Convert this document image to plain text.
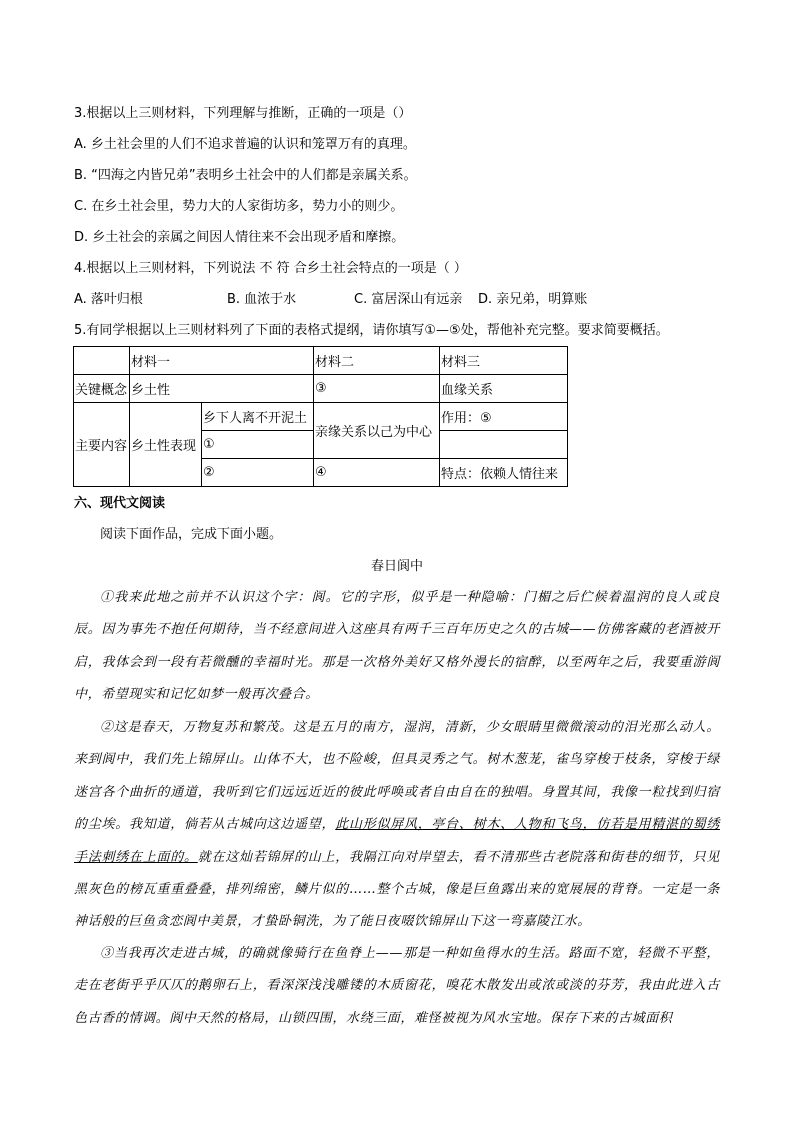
3.根据以上三则材料，下列理解与推断，正确的一项是（）
A. 乡土社会里的人们不追求普遍的认识和笼罩万有的真理。
B. “四海之内皆兄弟”表明乡土社会中的人们都是亲属关系。
C. 在乡土社会里，势力大的人家街坊多，势力小的则少。
D. 乡土社会的亲属之间因人情往来不会出现矛盾和摩擦。
4.根据以上三则材料，下列说法 不 符 合乡土社会特点的一项是（ ）
A. 落叶归根	B. 血浓于水	C. 富居深山有远亲 D. 亲兄弟，明算账
5.有同学根据以上三则材料列了下面的表格式提纲，请你填写①—⑤处，帮他补充完整。要求简要概括。
	材料一		材料二	材料三
关键概念	乡土性		③	血缘关系
主要内容	乡土性表现	乡下人离不开泥土	亲缘关系以己为中心	作用：⑤
		①		
		②	④	特点：依赖人情往来
六、现代文阅读
阅读下面作品，完成下面小题。
春日阆中
①我来此地之前并不认识这个字：阆。它的字形，似乎是一种隐喻：门楣之后伫候着温润的良人或良辰。因为事先不抱任何期待，当不经意间进入这座具有两千三百年历史之久的古城——仿佛客藏的老酒被开启，我体会到一段有若微醺的幸福时光。那是一次格外美好又格外漫长的宿醉，以至两年之后，我要重游阆中，希望现实和记忆如梦一般再次叠合。
②这是春天，万物复苏和繁茂。这是五月的南方，湿润，清新，少女眼睛里微微滚动的泪光那么动人。来到阆中，我们先上锦屏山。山体不大，也不险峻，但具灵秀之气。树木葱茏，雀鸟穿梭于枝条，穿梭于绿迷宫各个曲折的通道，我听到它们远远近近的彼此呼唤或者自由自在的独唱。身置其间，我像一粒找到归宿的尘埃。我知道，倘若从古城向这边遥望，此山形似屏风，亭台、树木、人物和飞鸟，仿若是用精湛的蜀绣手法刺绣在上面的。就在这灿若锦屏的山上，我隔江向对岸望去，看不清那些古老院落和街巷的细节，只见黑灰色的榜瓦重重叠叠，排列绵密，鳞片似的……整个古城，像是巨鱼露出来的宽展展的背脊。一定是一条神话般的巨鱼贪恋阆中美景，才蛰卧铜洗，为了能日夜啜饮锦屏山下这一弯嘉陵江水。
③当我再次走进古城，的确就像骑行在鱼脊上——那是一种如鱼得水的生活。路面不宽，轻微不平整，走在老街乎乎仄仄的鹅卵石上，看深深浅浅雕镂的木质窗花，嗅花木散发出或浓或淡的芬芳，我由此进入古色古香的情调。阆中天然的格局，山锁四围，水绕三面，难怪被视为风水宝地。保存下来的古城面积
